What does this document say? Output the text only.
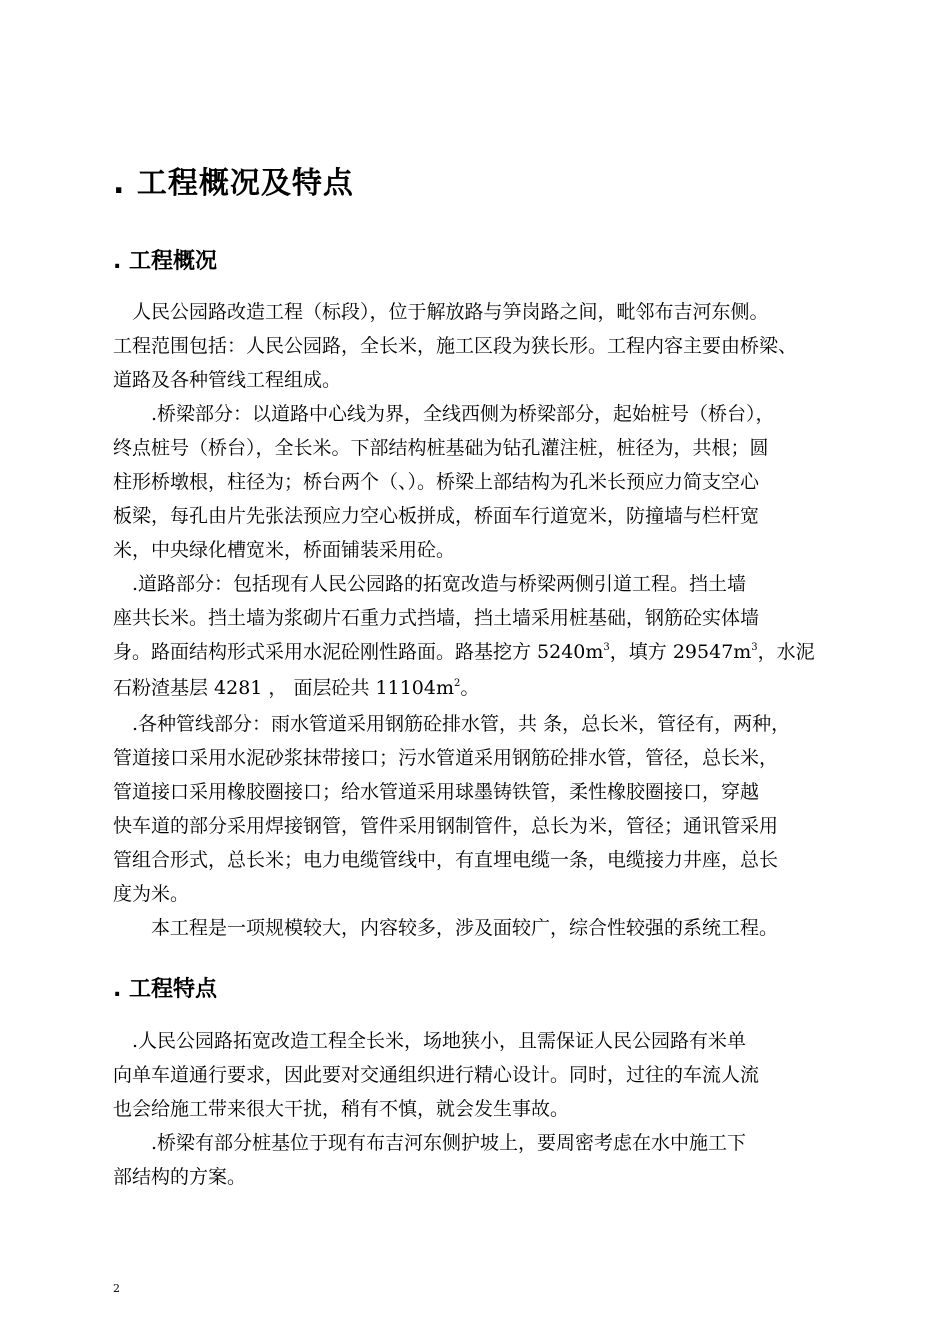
. 工程概况及特点
. 工程概况
　人民公园路改造工程（标段），位于解放路与笋岗路之间，毗邻布吉河东侧。
工程范围包括：人民公园路，全长米，施工区段为狭长形。工程内容主要由桥梁、
道路及各种管线工程组成。
　　.桥梁部分：以道路中心线为界，全线西侧为桥梁部分，起始桩号（桥台），
终点桩号（桥台），全长米。下部结构桩基础为钻孔灌注桩，桩径为，共根；圆
柱形桥墩根，柱径为；桥台两个（、）。桥梁上部结构为孔米长预应力简支空心
板梁，每孔由片先张法预应力空心板拼成，桥面车行道宽米，防撞墙与栏杆宽
米，中央绿化槽宽米，桥面铺装采用砼。
　.道路部分：包括现有人民公园路的拓宽改造与桥梁两侧引道工程。挡土墙
座共长米。挡土墙为浆砌片石重力式挡墙，挡土墙采用桩基础，钢筋砼实体墙
身。路面结构形式采用水泥砼刚性路面。路基挖方 $5240m^3$，填方 $29547m^3$，水泥
石粉渣基层 4281 ， 面层砼共 $11104m^2$。
　.各种管线部分：雨水管道采用钢筋砼排水管，共 条，总长米，管径有，两种，
管道接口采用水泥砂浆抹带接口；污水管道采用钢筋砼排水管，管径，总长米，
管道接口采用橡胶圈接口；给水管道采用球墨铸铁管，柔性橡胶圈接口，穿越
快车道的部分采用焊接钢管，管件采用钢制管件，总长为米，管径；通讯管采用
管组合形式，总长米；电力电缆管线中，有直埋电缆一条，电缆接力井座，总长
度为米。
　　本工程是一项规模较大，内容较多，涉及面较广，综合性较强的系统工程。
. 工程特点
　.人民公园路拓宽改造工程全长米，场地狭小，且需保证人民公园路有米单
向单车道通行要求，因此要对交通组织进行精心设计。同时，过往的车流人流
也会给施工带来很大干扰，稍有不慎，就会发生事故。
　　.桥梁有部分桩基位于现有布吉河东侧护坡上，要周密考虑在水中施工下
部结构的方案。
2
